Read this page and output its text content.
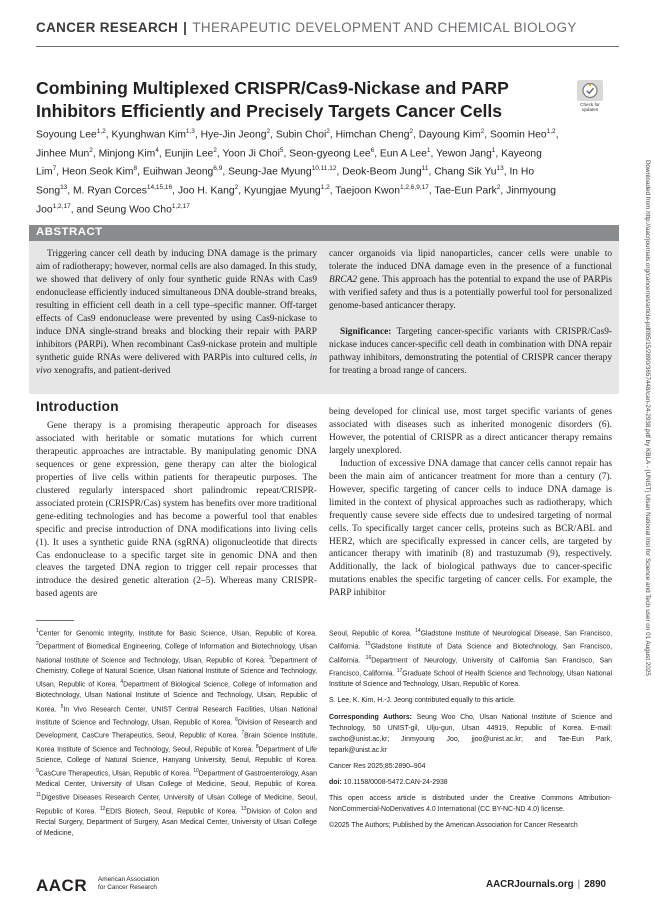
CANCER RESEARCH | THERAPEUTIC DEVELOPMENT AND CHEMICAL BIOLOGY
Combining Multiplexed CRISPR/Cas9-Nickase and PARP Inhibitors Efficiently and Precisely Targets Cancer Cells	Check for
updates
Soyoung Lee$^{1,2}$, Kyunghwan Kim$^{1,3}$, Hye-Jin Jeong$^2$, Subin Choi$^2$, Himchan Cheng$^2$, Dayoung Kim$^2$, Soomin Heo$^{1,2}$, Jinhee Mun$^2$, Minjong Kim$^4$, Eunjin Lee$^2$, Yoon Ji Choi$^5$, Seon-gyeong Lee$^6$, Eun A Lee$^1$, Yewon Jang$^1$, Kayeong Lim$^7$, Heon Seok Kim$^8$, Euihwan Jeong$^{6,9}$, Seung-Jae Myung$^{10,11,12}$, Deok-Beom Jung$^{11}$, Chang Sik Yu$^{13}$, In Ho Song$^{13}$, M. Ryan Corces$^{14,15,16}$, Joo H. Kang$^2$, Kyungjae Myung$^{1,2}$, Taejoon Kwon$^{1,2,6,9,17}$, Tae-Eun Park$^2$, Jinmyoung Joo$^{1,2,17}$, and Seung Woo Cho$^{1,2,17}$	Downloaded from http://aacrjournals.org/cancerres/article-pdf/85/15/2890/3657448/can-24-2938.pdf by KBLA - (UNIST) Ulsan National Inst for Science and Tech user on 01 August 2025
ABSTRACT

Triggering cancer cell death by inducing DNA damage is the primary aim of radiotherapy; however, normal cells are also damaged. In this study, we showed that delivery of only four synthetic guide RNAs with Cas9 endonuclease efficiently induced simultaneous DNA double-strand breaks, resulting in efficient cell death in a cell type–specific manner. Off-target effects of Cas9 endonuclease were prevented by using Cas9-nickase to induce DNA single-strand breaks and blocking their repair with PARP inhibitors (PARPi). When recombinant Cas9-nickase protein and multiple synthetic guide RNAs were delivered with PARPis into cultured cells, in vivo xenografts, and patient-derived

cancer organoids via lipid nanoparticles, cancer cells were unable to tolerate the induced DNA damage even in the presence of a functional BRCA2 gene. This approach has the potential to expand the use of PARPis with verified safety and thus is a potentially powerful tool for personalized genome-based anticancer therapy.

Significance: Targeting cancer-specific variants with CRISPR/Cas9-nickase induces cancer-specific cell death in combination with DNA repair pathway inhibitors, demonstrating the potential of CRISPR cancer therapy for treating a broad range of cancers.

Introduction

Gene therapy is a promising therapeutic approach for diseases associated with heritable or somatic mutations for which current therapeutic approaches are intractable. By manipulating genomic DNA sequences or gene expression, gene therapy can alter the biological properties of live cells within patients for therapeutic purposes. The clustered regularly interspaced short palindromic repeat/CRISPR-associated protein (CRISPR/Cas) system has benefits over more traditional gene-editing technologies and has become a powerful tool that enables specific and precise introduction of DNA modifications into living cells (1). It uses a synthetic guide RNA (sgRNA) oligonucleotide that directs Cas endonuclease to a specific target site in genomic DNA and then cleaves the targeted DNA region to trigger cell repair processes that introduce the desired genetic alteration (2–5). Whereas many CRISPR-based agents are

being developed for clinical use, most target specific variants of genes associated with diseases such as inherited monogenic disorders (6). However, the potential of CRISPR as a direct anticancer therapy remains largely unexplored.

Induction of excessive DNA damage that cancer cells cannot repair has been the main aim of anticancer treatment for more than a century (7). However, specific targeting of cancer cells to induce DNA damage is limited in the context of physical approaches such as radiotherapy, which frequently cause severe side effects due to undesired targeting of normal cells. To specifically target cancer cells, proteins such as BCR/ABL and HER2, which are specifically expressed in cancer cells, are targeted by anticancer therapy with imatinib (8) and trastuzumab (9), respectively. Additionally, the lack of biological pathways due to cancer-specific mutations enables the specific targeting of cancer cells. For example, the PARP inhibitor

$^1$Center for Genomic Integrity, Institute for Basic Science, Ulsan, Republic of Korea. $^2$Department of Biomedical Engineering, College of Information and Biotechnology, Ulsan National Institute of Science and Technology, Ulsan, Republic of Korea. $^3$Department of Chemistry, College of Natural Science, Ulsan National Institute of Science and Technology, Ulsan, Republic of Korea. $^4$Department of Biological Science, College of Information and Biotechnology, Ulsan National Institute of Science and Technology, Ulsan, Republic of Korea. $^5$In Vivo Research Center, UNIST Central Research Facilities, Ulsan National Institute of Science and Technology, Ulsan, Republic of Korea. $^6$Division of Research and Development, CasCure Therapeutics, Seoul, Republic of Korea. $^7$Brain Science Institute, Korea Institute of Science and Technology, Seoul, Republic of Korea. $^8$Department of Life Science, College of Natural Science, Hanyang University, Seoul, Republic of Korea. $^9$CasCure Therapeutics, Ulsan, Republic of Korea. $^{10}$Department of Gastroenterology, Asan Medical Center, University of Ulsan College of Medicine, Seoul, Republic of Korea. $^{11}$Digestive Diseases Research Center, University of Ulsan College of Medicine, Seoul, Republic of Korea. $^{12}$EDIS Biotech, Seoul, Republic of Korea. $^{13}$Division of Colon and Rectal Surgery, Department of Surgery, Asan Medical Center, University of Ulsan College of Medicine,

Seoul, Republic of Korea. $^{14}$Gladstone Institute of Neurological Disease, San Francisco, California. $^{15}$Gladstone Institute of Data Science and Biotechnology, San Francisco, California. $^{16}$Department of Neurology, University of California San Francisco, San Francisco, California. $^{17}$Graduate School of Health Science and Technology, Ulsan National Institute of Science and Technology, Ulsan, Republic of Korea.

S. Lee, K. Kim, H.-J. Jeong contributed equally to this article.

Corresponding Authors: Seung Woo Cho, Ulsan National Institute of Science and Technology, 50 UNIST-gil, Ulju-gun, Ulsan 44919, Republic of Korea. E-mail: swcho@unist.ac.kr; Jinmyoung Joo, jjoo@unist.ac.kr; and Tae-Eun Park, tepark@unist.ac.kr

Cancer Res 2025;85:2890–904

doi: 10.1158/0008-5472.CAN-24-2938

This open access article is distributed under the Creative Commons Attribution-NonCommercial-NoDerivatives 4.0 International (CC BY-NC-ND 4.0) license.

©2025 The Authors; Published by the American Association for Cancer Research

AACR American Association
for Cancer Research	AACRJournals.org | 2890
